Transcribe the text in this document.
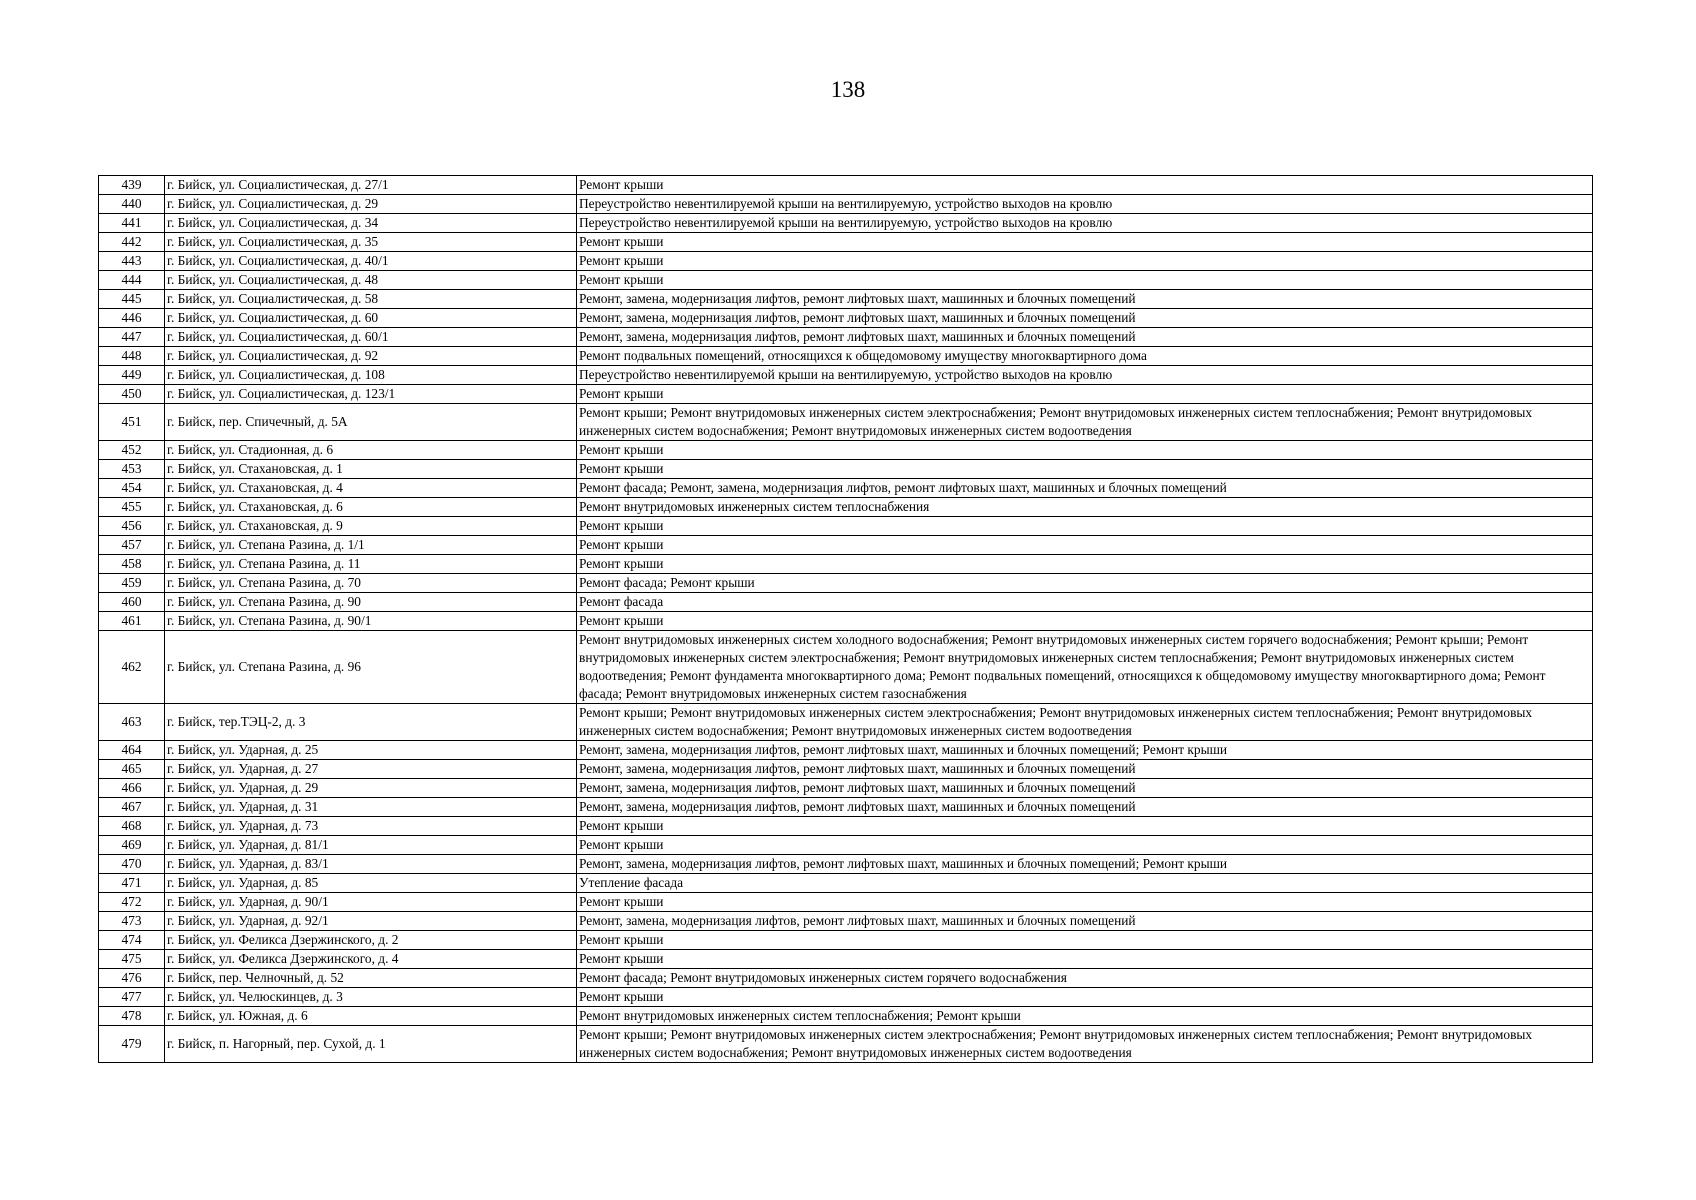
138
439	г. Бийск, ул. Социалистическая, д. 27/1	Ремонт крыши
440	г. Бийск, ул. Социалистическая, д. 29	Переустройство невентилируемой крыши на вентилируемую, устройство выходов на кровлю
441	г. Бийск, ул. Социалистическая, д. 34	Переустройство невентилируемой крыши на вентилируемую, устройство выходов на кровлю
442	г. Бийск, ул. Социалистическая, д. 35	Ремонт крыши
443	г. Бийск, ул. Социалистическая, д. 40/1	Ремонт крыши
444	г. Бийск, ул. Социалистическая, д. 48	Ремонт крыши
445	г. Бийск, ул. Социалистическая, д. 58	Ремонт, замена, модернизация лифтов, ремонт лифтовых шахт, машинных и блочных помещений
446	г. Бийск, ул. Социалистическая, д. 60	Ремонт, замена, модернизация лифтов, ремонт лифтовых шахт, машинных и блочных помещений
447	г. Бийск, ул. Социалистическая, д. 60/1	Ремонт, замена, модернизация лифтов, ремонт лифтовых шахт, машинных и блочных помещений
448	г. Бийск, ул. Социалистическая, д. 92	Ремонт подвальных помещений, относящихся к общедомовому имуществу многоквартирного дома
449	г. Бийск, ул. Социалистическая, д. 108	Переустройство невентилируемой крыши на вентилируемую, устройство выходов на кровлю
450	г. Бийск, ул. Социалистическая, д. 123/1	Ремонт крыши
451	г. Бийск, пер. Спичечный, д. 5А	Ремонт крыши; Ремонт внутридомовых инженерных систем электроснабжения; Ремонт внутридомовых инженерных систем теплоснабжения; Ремонт внутридомовых инженерных систем водоснабжения; Ремонт внутридомовых инженерных систем водоотведения
452	г. Бийск, ул. Стадионная, д. 6	Ремонт крыши
453	г. Бийск, ул. Стахановская, д. 1	Ремонт крыши
454	г. Бийск, ул. Стахановская, д. 4	Ремонт фасада; Ремонт, замена, модернизация лифтов, ремонт лифтовых шахт, машинных и блочных помещений
455	г. Бийск, ул. Стахановская, д. 6	Ремонт внутридомовых инженерных систем теплоснабжения
456	г. Бийск, ул. Стахановская, д. 9	Ремонт крыши
457	г. Бийск, ул. Степана Разина, д. 1/1	Ремонт крыши
458	г. Бийск, ул. Степана Разина, д. 11	Ремонт крыши
459	г. Бийск, ул. Степана Разина, д. 70	Ремонт фасада; Ремонт крыши
460	г. Бийск, ул. Степана Разина, д. 90	Ремонт фасада
461	г. Бийск, ул. Степана Разина, д. 90/1	Ремонт крыши
462	г. Бийск, ул. Степана Разина, д. 96	Ремонт внутридомовых инженерных систем холодного водоснабжения; Ремонт внутридомовых инженерных систем горячего водоснабжения; Ремонт крыши; Ремонт внутридомовых инженерных систем электроснабжения; Ремонт внутридомовых инженерных систем теплоснабжения; Ремонт внутридомовых инженерных систем водоотведения; Ремонт фундамента многоквартирного дома; Ремонт подвальных помещений, относящихся к общедомовому имуществу многоквартирного дома; Ремонт фасада; Ремонт внутридомовых инженерных систем газоснабжения
463	г. Бийск, тер.ТЭЦ-2, д. 3	Ремонт крыши; Ремонт внутридомовых инженерных систем электроснабжения; Ремонт внутридомовых инженерных систем теплоснабжения; Ремонт внутридомовых инженерных систем водоснабжения; Ремонт внутридомовых инженерных систем водоотведения
464	г. Бийск, ул. Ударная, д. 25	Ремонт, замена, модернизация лифтов, ремонт лифтовых шахт, машинных и блочных помещений; Ремонт крыши
465	г. Бийск, ул. Ударная, д. 27	Ремонт, замена, модернизация лифтов, ремонт лифтовых шахт, машинных и блочных помещений
466	г. Бийск, ул. Ударная, д. 29	Ремонт, замена, модернизация лифтов, ремонт лифтовых шахт, машинных и блочных помещений
467	г. Бийск, ул. Ударная, д. 31	Ремонт, замена, модернизация лифтов, ремонт лифтовых шахт, машинных и блочных помещений
468	г. Бийск, ул. Ударная, д. 73	Ремонт крыши
469	г. Бийск, ул. Ударная, д. 81/1	Ремонт крыши
470	г. Бийск, ул. Ударная, д. 83/1	Ремонт, замена, модернизация лифтов, ремонт лифтовых шахт, машинных и блочных помещений; Ремонт крыши
471	г. Бийск, ул. Ударная, д. 85	Утепление фасада
472	г. Бийск, ул. Ударная, д. 90/1	Ремонт крыши
473	г. Бийск, ул. Ударная, д. 92/1	Ремонт, замена, модернизация лифтов, ремонт лифтовых шахт, машинных и блочных помещений
474	г. Бийск, ул. Феликса Дзержинского, д. 2	Ремонт крыши
475	г. Бийск, ул. Феликса Дзержинского, д. 4	Ремонт крыши
476	г. Бийск, пер. Челночный, д. 52	Ремонт фасада; Ремонт внутридомовых инженерных систем горячего водоснабжения
477	г. Бийск, ул. Челюскинцев, д. 3	Ремонт крыши
478	г. Бийск, ул. Южная, д. 6	Ремонт внутридомовых инженерных систем теплоснабжения; Ремонт крыши
479	г. Бийск, п. Нагорный, пер. Сухой, д. 1	Ремонт крыши; Ремонт внутридомовых инженерных систем электроснабжения; Ремонт внутридомовых инженерных систем теплоснабжения; Ремонт внутридомовых инженерных систем водоснабжения; Ремонт внутридомовых инженерных систем водоотведения
